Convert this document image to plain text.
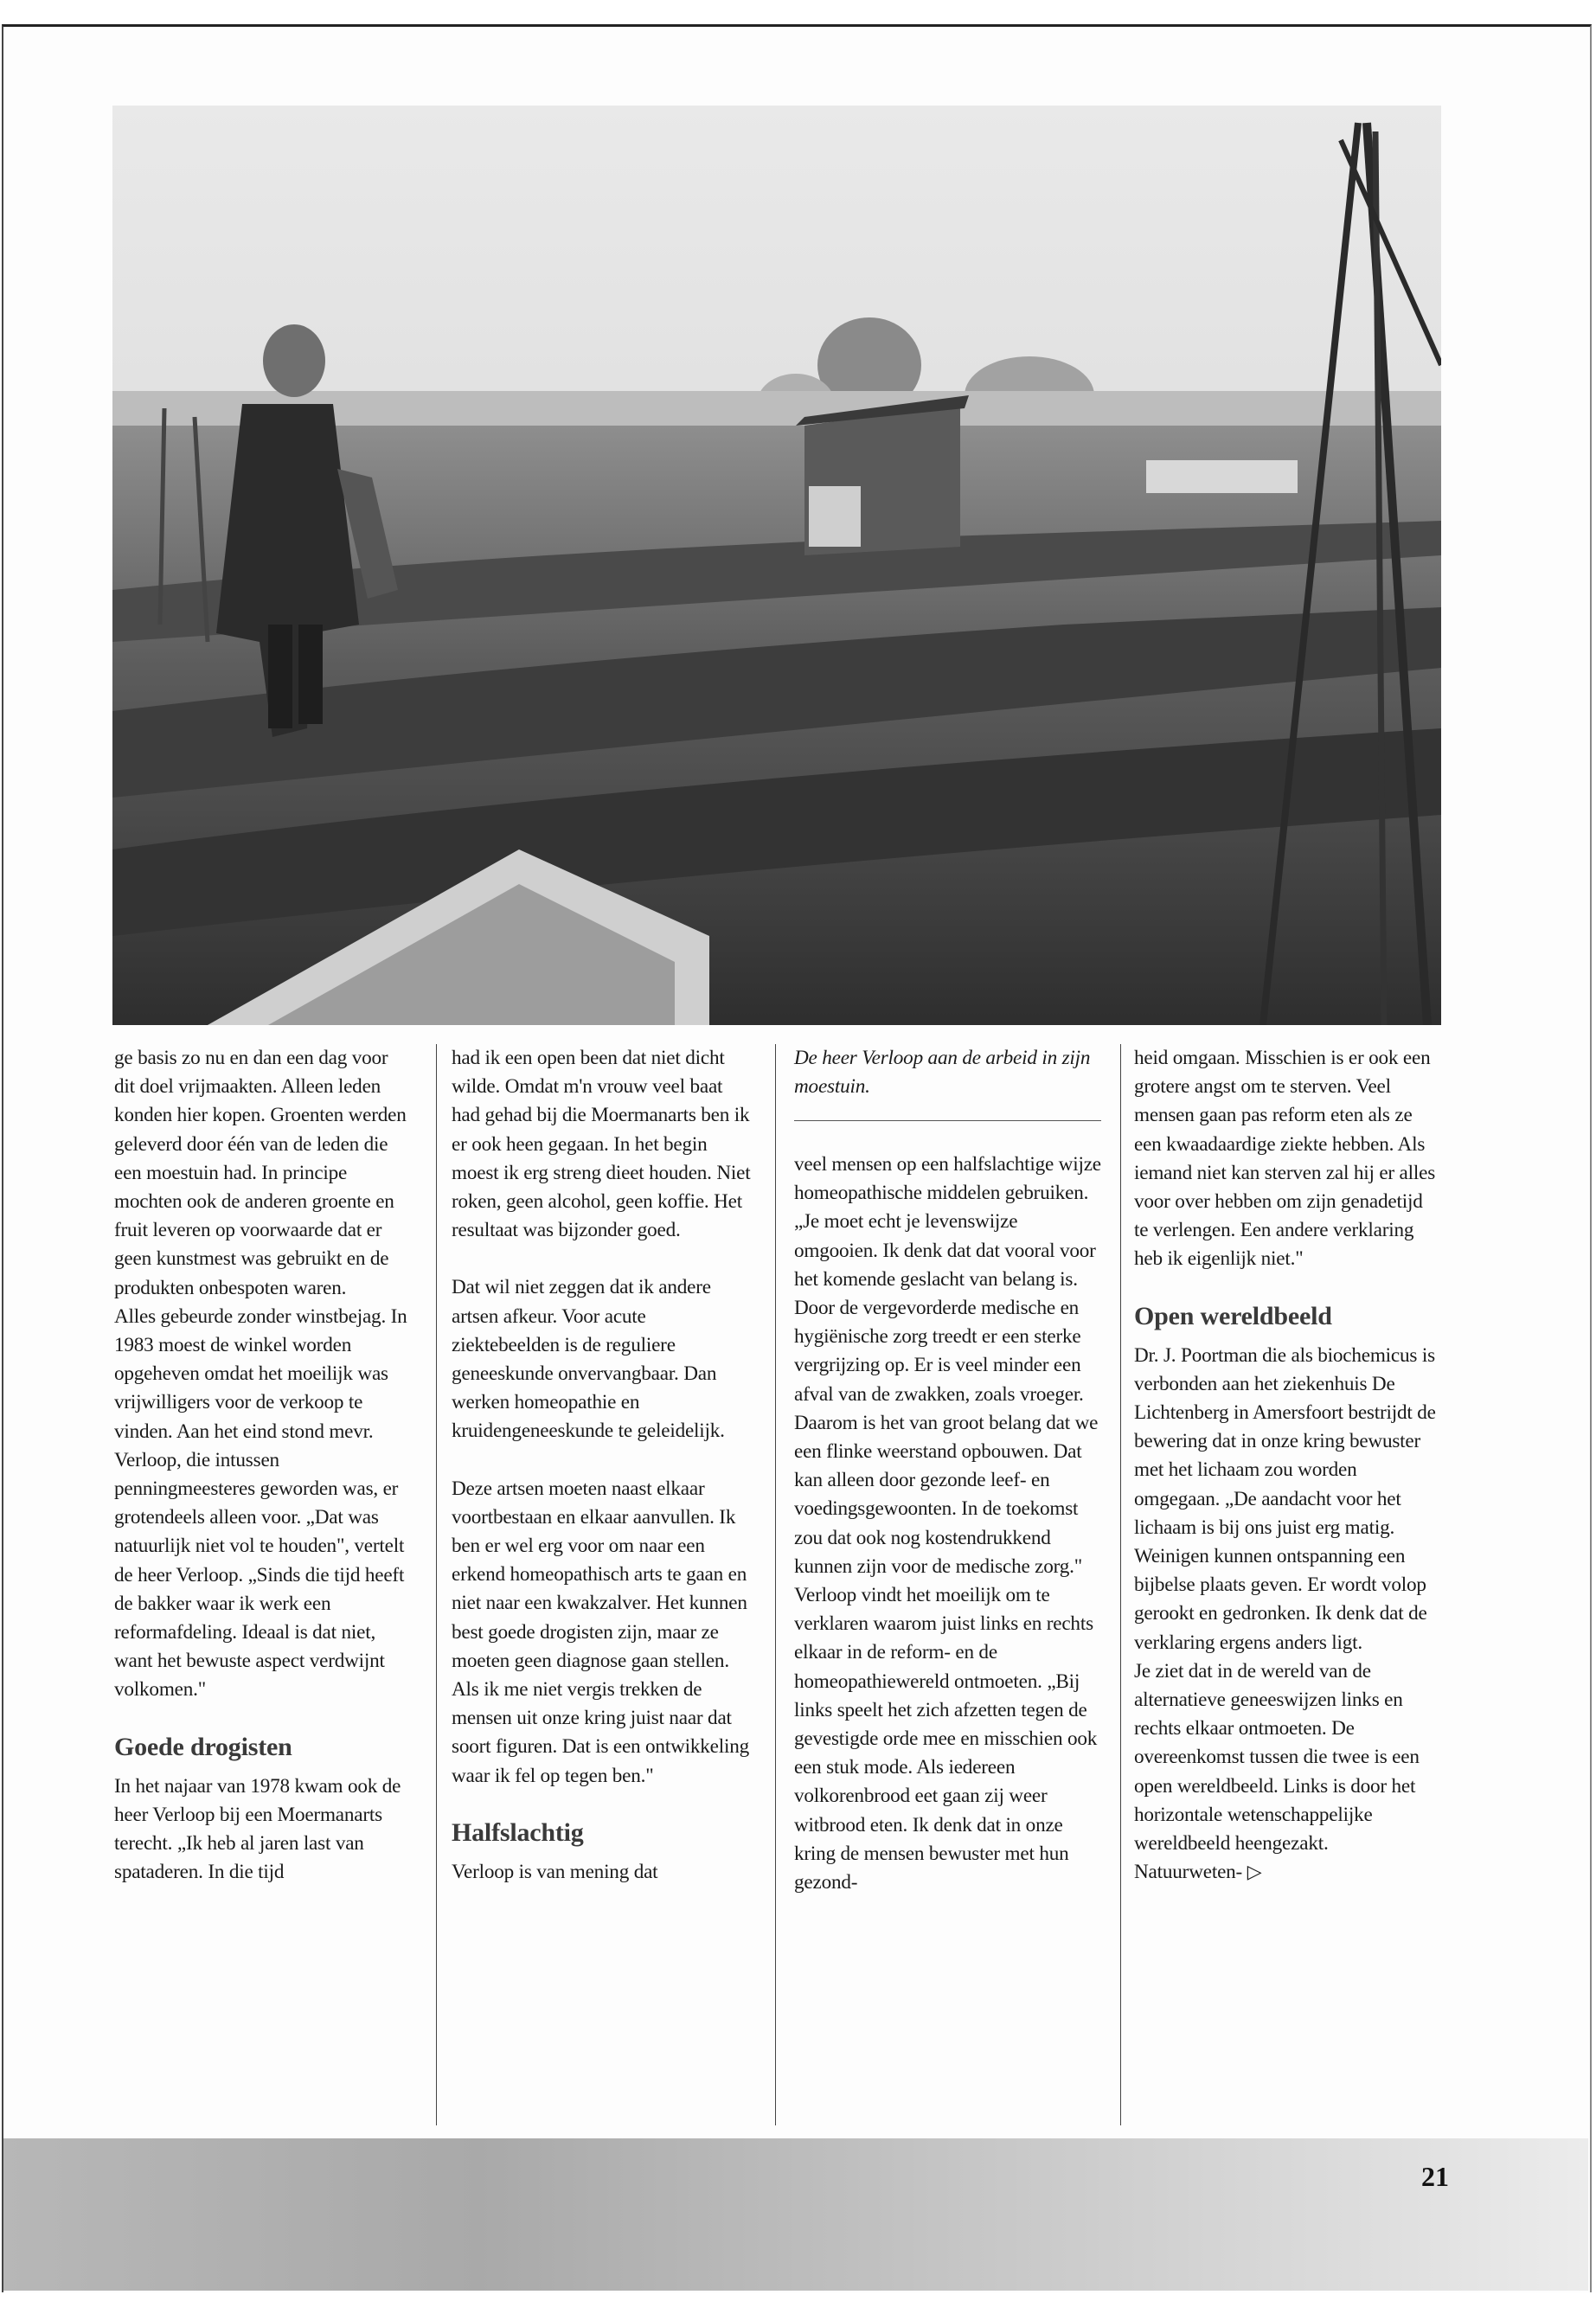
ge basis zo nu en dan een dag voor dit doel vrijmaakten. Alleen leden konden hier kopen. Groenten werden geleverd door één van de leden die een moestuin had. In principe mochten ook de anderen groente en fruit leveren op voorwaarde dat er geen kunstmest was gebruikt en de produkten onbespoten waren.

Alles gebeurde zonder winstbejag. In 1983 moest de winkel worden opgeheven omdat het moeilijk was vrijwilligers voor de verkoop te vinden. Aan het eind stond mevr. Verloop, die intussen penningmeesteres geworden was, er grotendeels alleen voor. „Dat was natuurlijk niet vol te houden", vertelt de heer Verloop. „Sinds die tijd heeft de bakker waar ik werk een reformafdeling. Ideaal is dat niet, want het bewuste aspect verdwijnt volkomen."

Goede drogisten

In het najaar van 1978 kwam ook de heer Verloop bij een Moermanarts terecht. „Ik heb al jaren last van spataderen. In die tijd

had ik een open been dat niet dicht wilde. Omdat m'n vrouw veel baat had gehad bij die Moermanarts ben ik er ook heen gegaan. In het begin moest ik erg streng dieet houden. Niet roken, geen alcohol, geen koffie. Het resultaat was bijzonder goed.

Dat wil niet zeggen dat ik andere artsen afkeur. Voor acute ziektebeelden is de reguliere geneeskunde onvervangbaar. Dan werken homeopathie en kruidengeneeskunde te geleidelijk.

Deze artsen moeten naast elkaar voortbestaan en elkaar aanvullen. Ik ben er wel erg voor om naar een erkend homeopathisch arts te gaan en niet naar een kwakzalver. Het kunnen best goede drogisten zijn, maar ze moeten geen diagnose gaan stellen. Als ik me niet vergis trekken de mensen uit onze kring juist naar dat soort figuren. Dat is een ontwikkeling waar ik fel op tegen ben."

Halfslachtig

Verloop is van mening dat

De heer Verloop aan de arbeid in zijn moestuin.

veel mensen op een halfslachtige wijze homeopathische middelen gebruiken. „Je moet echt je levenswijze omgooien. Ik denk dat dat vooral voor het komende geslacht van belang is. Door de vergevorderde medische en hygiënische zorg treedt er een sterke vergrijzing op. Er is veel minder een afval van de zwakken, zoals vroeger. Daarom is het van groot belang dat we een flinke weerstand opbouwen. Dat kan alleen door gezonde leef- en voedingsgewoonten. In de toekomst zou dat ook nog kostendrukkend kunnen zijn voor de medische zorg."

Verloop vindt het moeilijk om te verklaren waarom juist links en rechts elkaar in de reform- en de homeopathiewereld ontmoeten. „Bij links speelt het zich afzetten tegen de gevestigde orde mee en misschien ook een stuk mode. Als iedereen volkorenbrood eet gaan zij weer witbrood eten. Ik denk dat in onze kring de mensen bewuster met hun gezond-

heid omgaan. Misschien is er ook een grotere angst om te sterven. Veel mensen gaan pas reform eten als ze een kwaadaardige ziekte hebben. Als iemand niet kan sterven zal hij er alles voor over hebben om zijn genadetijd te verlengen. Een andere verklaring heb ik eigenlijk niet."

Open wereldbeeld

Dr. J. Poortman die als biochemicus is verbonden aan het ziekenhuis De Lichtenberg in Amersfoort bestrijdt de bewering dat in onze kring bewuster met het lichaam zou worden omgegaan. „De aandacht voor het lichaam is bij ons juist erg matig. Weinigen kunnen ontspanning een bijbelse plaats geven. Er wordt volop gerookt en gedronken. Ik denk dat de verklaring ergens anders ligt.

Je ziet dat in de wereld van de alternatieve geneeswijzen links en rechts elkaar ontmoeten. De overeenkomst tussen die twee is een open wereldbeeld. Links is door het horizontale wetenschappelijke wereldbeeld heengezakt. Natuurweten- ▷

21
